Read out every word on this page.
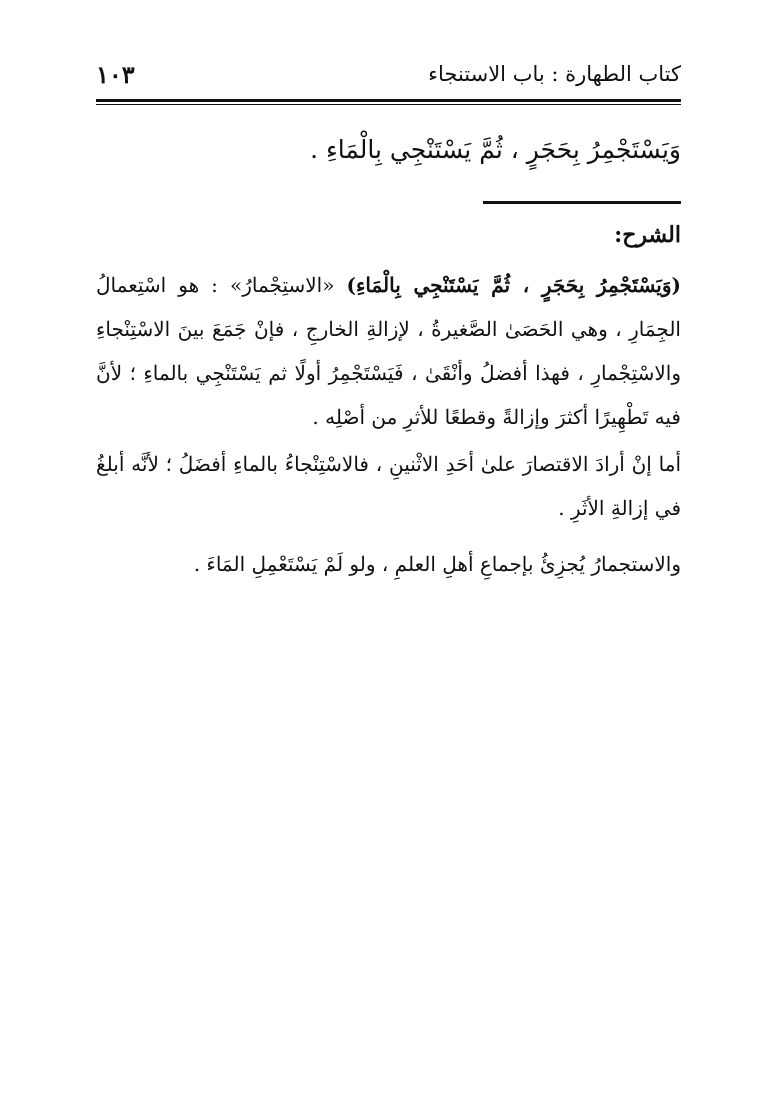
كتاب الطهارة : باب الاستنجاء
١٠٣
وَيَسْتَجْمِرُ بِحَجَرٍ ، ثُمَّ يَسْتَنْجِي بِالْمَاءِ .
الشرح:
(وَيَسْتَجْمِرُ بِحَجَرٍ ، ثُمَّ يَسْتَنْجِي بِالْمَاءِ) «الاستِجْمارُ» : هو اسْتِعمالُ الجِمَارِ ، وهي الحَصَىٰ الصَّغيرةُ ، لإزالةِ الخارجِ ، فإنْ جَمَعَ بينَ الاسْتِنْجاءِ والاسْتِجْمارِ ، فهذا أفضلُ وأنْقَىٰ ، فَيَسْتَجْمِرُ أولًا ثم يَسْتَنْجِي بالماءِ ؛ لأنَّ فيه تَطْهِيرًا أكثرَ وإزالةً وقطعًا للأثرِ من أصْلِه .
أما إنْ أرادَ الاقتصارَ علىٰ أحَدِ الاثْنينِ ، فالاسْتِنْجاءُ بالماءِ أفضَلُ ؛ لأنَّه أبلغُ في إزالةِ الأثَرِ .
والاستجمارُ يُجزِئُ بإجماعِ أهلِ العلمِ ، ولو لَمْ يَسْتَعْمِلِ المَاءَ .
